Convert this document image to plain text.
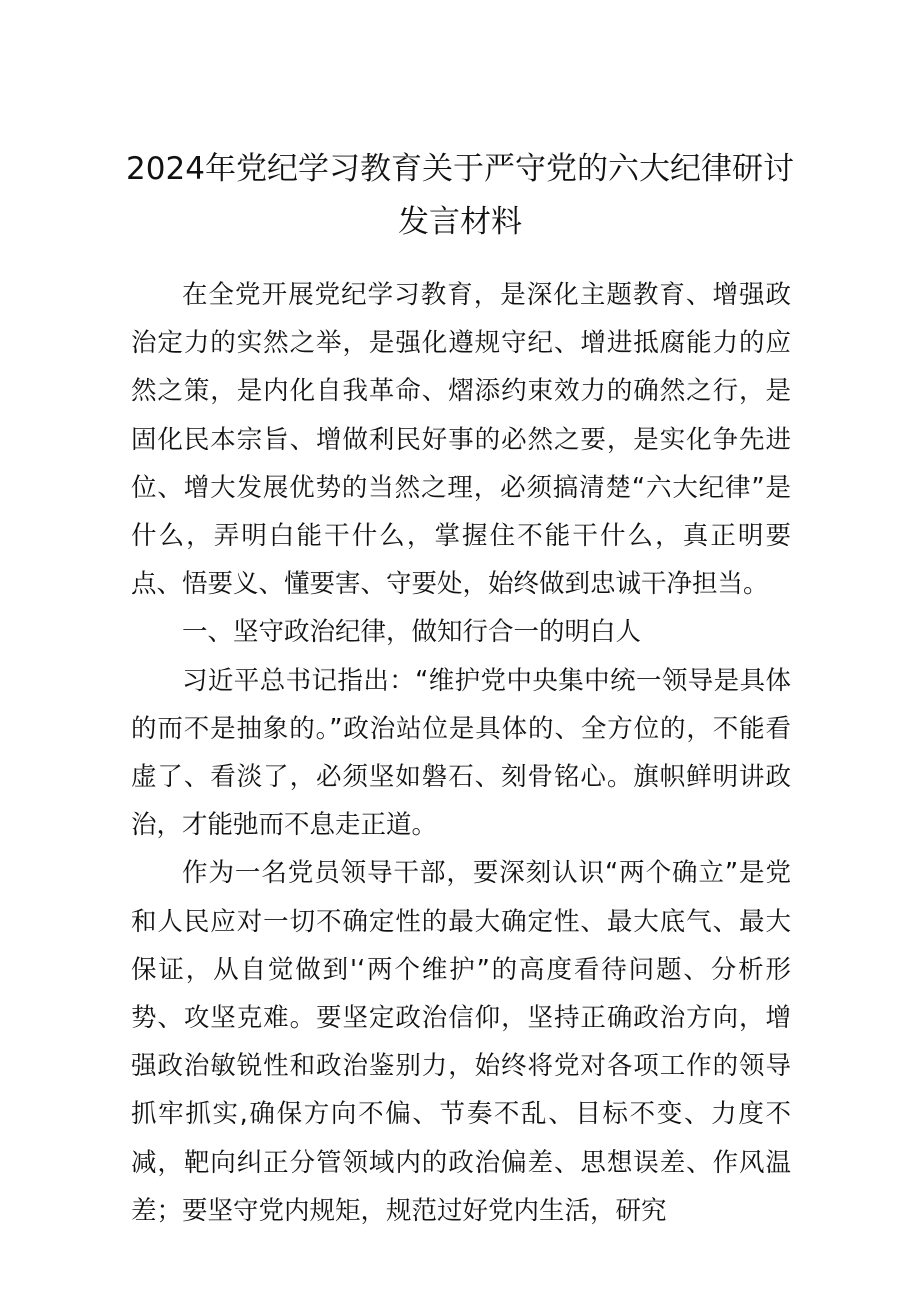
2024年党纪学习教育关于严守党的六大纪律研讨发言材料

在全党开展党纪学习教育，是深化主题教育、增强政治定力的实然之举，是强化遵规守纪、增进抵腐能力的应然之策，是内化自我革命、熠添约束效力的确然之行，是固化民本宗旨、增做利民好事的必然之要，是实化争先进位、增大发展优势的当然之理，必须搞清楚“六大纪律”是什么，弄明白能干什么，掌握住不能干什么，真正明要点、悟要义、懂要害、守要处，始终做到忠诚干净担当。

一、坚守政治纪律，做知行合一的明白人

习近平总书记指出：“维护党中央集中统一领导是具体的而不是抽象的。”政治站位是具体的、全方位的，不能看虚了、看淡了，必须坚如磐石、刻骨铭心。旗帜鲜明讲政治，才能弛而不息走正道。

作为一名党员领导干部，要深刻认识“两个确立”是党和人民应对一切不确定性的最大确定性、最大底气、最大保证，从自觉做到'‘两个维护”的高度看待问题、分析形势、攻坚克难。要坚定政治信仰，坚持正确政治方向，增强政治敏锐性和政治鉴别力，始终将党对各项工作的领导抓牢抓实,确保方向不偏、节奏不乱、目标不变、力度不减，靶向纠正分管领域内的政治偏差、思想误差、作风温差；要坚守党内规矩，规范过好党内生活，研究
